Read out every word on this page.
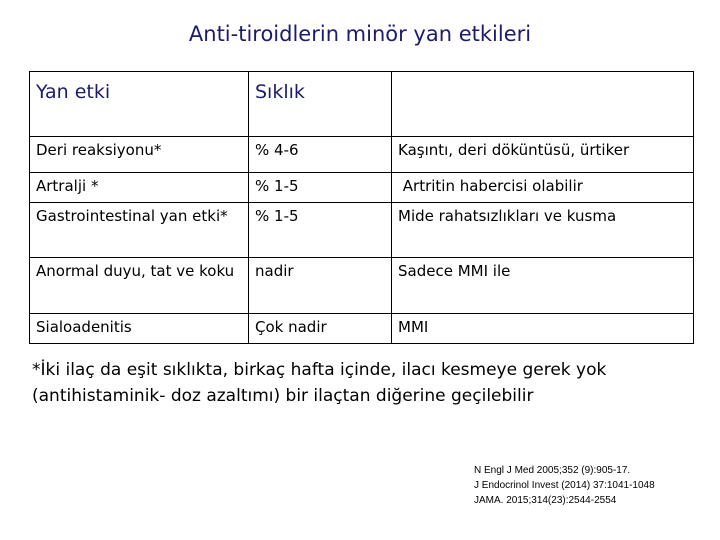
Anti-tiroidlerin minör yan etkileri
Yan etki	Sıklık	
Deri reaksiyonu*	% 4-6	Kaşıntı, deri döküntüsü, ürtiker
Artralji *	% 1-5	Artritin habercisi olabilir
Gastrointestinal yan etki*	% 1-5	Mide rahatsızlıkları ve kusma
Anormal duyu, tat ve koku	nadir	Sadece MMI ile
Sialoadenitis	Çok nadir	MMI
*İki ilaç da eşit sıklıkta, birkaç hafta içinde, ilacı kesmeye gerek yok (antihistaminik- doz azaltımı) bir ilaçtan diğerine geçilebilir
N Engl J Med 2005;352 (9):905-17.
J Endocrinol Invest (2014) 37:1041-1048
JAMA. 2015;314(23):2544-2554
